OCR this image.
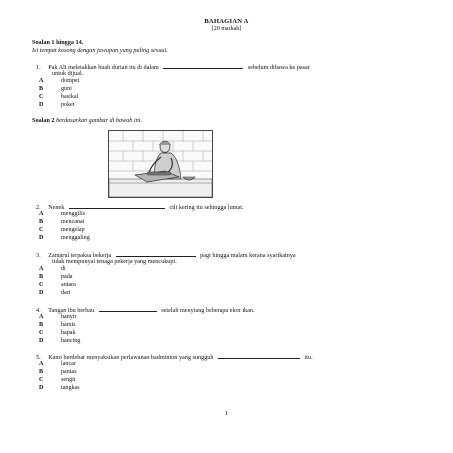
BAHAGIAN A
[20 markah]
Soalan 1 hingga 14.
Isi tempat kosong dengan jawapan yang paling sesuai.
1. Pak Ali meletakkan buah durian itu di dalam	sebelum dibawa ke pasar
untuk dijual.
A	dompet
B	guni
C	basikal
D	poket
Soalan 2 berdasarkan gambar di bawah ini.
2. Nenek	cili kering itu sehingga lumat.
A	menggilis
B	mencanai
C	mengelap
D	menggaling
3. Zamarul terpaksa bekerja	pagi hingga malam kerana syarikatnya
tidak mempunyai tenaga pekerja yang mencukupi.
A	di
B	pada
C	antara
D	dari
4. Tangan ibu berbau	setelah menyiang beberapa ekor ikan.
A	hanyir
B	hamis
C	hapak
D	hancing
5. Kami berdebar menyaksikan perlawanan badminton yang sungguh	itu.
A	lancar
B	pantas
C	sengit
D	tangkas
1
